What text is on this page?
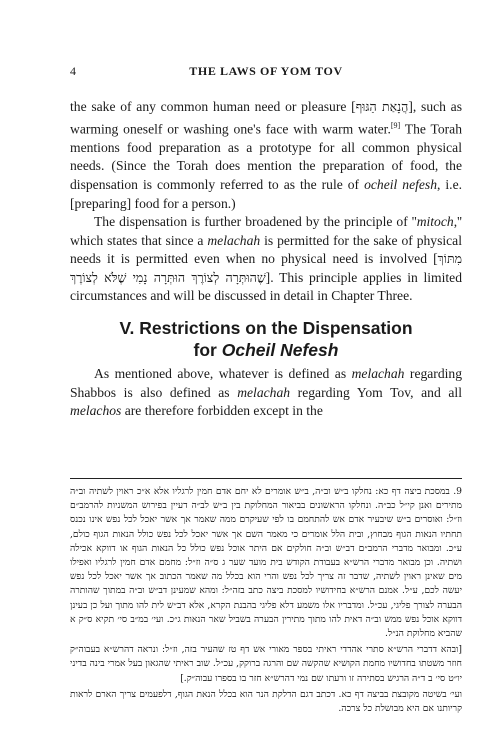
4	THE LAWS OF YOM TOV

the sake of any common human need or pleasure [הֲנָאַת הַגּוּף], such as warming oneself or washing one's face with warm water.[9] The Torah mentions food preparation as a prototype for all common physical needs. (Since the Torah does mention the preparation of food, the dispensation is commonly referred to as the rule of ocheil nefesh, i.e. [preparing] food for a person.)

The dispensation is further broadened by the principle of ''mitoch,'' which states that since a melachah is permitted for the sake of physical needs it is permitted even when no physical need is involved [מִתּוֹךְ שֶׁהוּתְּרָה לְצוֹרֶךְ הוּתְּרָה נָמִי שֶׁלֹּא לְצוֹרֶךְ]. This principle applies in limited circumstances and will be discussed in detail in Chapter Three.

V. Restrictions on the Dispensation
for Ocheil Nefesh

As mentioned above, whatever is defined as melachah regarding Shabbos is also defined as melachah regarding Yom Tov, and all melachos are therefore forbidden except in the

9. במסכת ביצה דף כא: נחלקו ב״ש וב״ה, ב״ש אומרים לא יחם אדם חמין לרגליו אלא א״כ ראוין לשתיה וב״ה מתירים ואנן קי״ל כב״ה. ונחלקו הראשונים בביאור המחלוקת בין ב״ש לב״ה דעיין בפירוש המשניות להרמב״ם וז״ל: ואוסרים ב״ש שיבעיר אדם אש להתחמם בו לפי שעיקרם ממה שאמר אך אשר יאכל לכל נפש אינו נכנס תחתיו הנאות הגוף מבחוץ, ובית הלל אומרים כי מאמר השם אך אשר יאכל לכל נפש כולל הנאות הגוף כולם, ע״כ. ומבואר מדברי הרמב״ם דב״ש וב״ה חולקים אם היתר אוכל נפש כולל כל הנאות הגוף או דווקא אכילה ושתיה. וכן מבואר מדברי הרש״א בעבודת הקודש בית מועד שער ג ס״ה וז״ל: מחמם אדם חמין לרגליו ואפילו מים שאינן ראוין לשתיה, שדבר זה צריך לכל נפש והרי הוא בכלל מה שאמר הכתוב אך אשר יאכל לכל נפש יעשה לכם, ע״ל. אמנם הרש״א בחידושיו למסכת ביצה כתב בזה״ל: ומהא שמעינן דב״ש וב״ה במתוך שהותרה הבערה לצורך פליגי, עכ״ל. ומדבריו אלו משמע דלא פליגי בהבנת הקרא, אלא דב״ש לית להו מתוך ועל כן בעינן דווקא אוכל נפש ממש וב״ה דאית להו מתוך מתירין הבערה בשביל שאר הנאות ג״כ. ועי׳ במ״ב סי׳ תקיא ס״ק א שהביא מחלוקת הנ״ל.

[ובהא דדברי הרש״א סתרי אהדדי ראיתי בספר מאורי אש דף טז שהעיר בזה, וז״ל: ונראה דהרש״א בעבוה״ק חוזר משטתו בחדושיו מחמת הקושיא שהקשה שם והרגה ברוקק, עכ״ל. שוב ראיתי שהגאון בעל אמרי בינה בדיני יו״ט סי׳ ב ד״ה הרגיש בסתירה זו ורעתו שם נמי דהרש״א חזר בו בספרו עבוה״ק.]

ועי׳ בשיטה מקובצת בביצה דף כא. דכתב דגם הדלקת הנר הוא בכלל הנאת הגוף, דלפעמים צריך הארם לראות קריותנו אם היא מבושלת כל צרכה.
